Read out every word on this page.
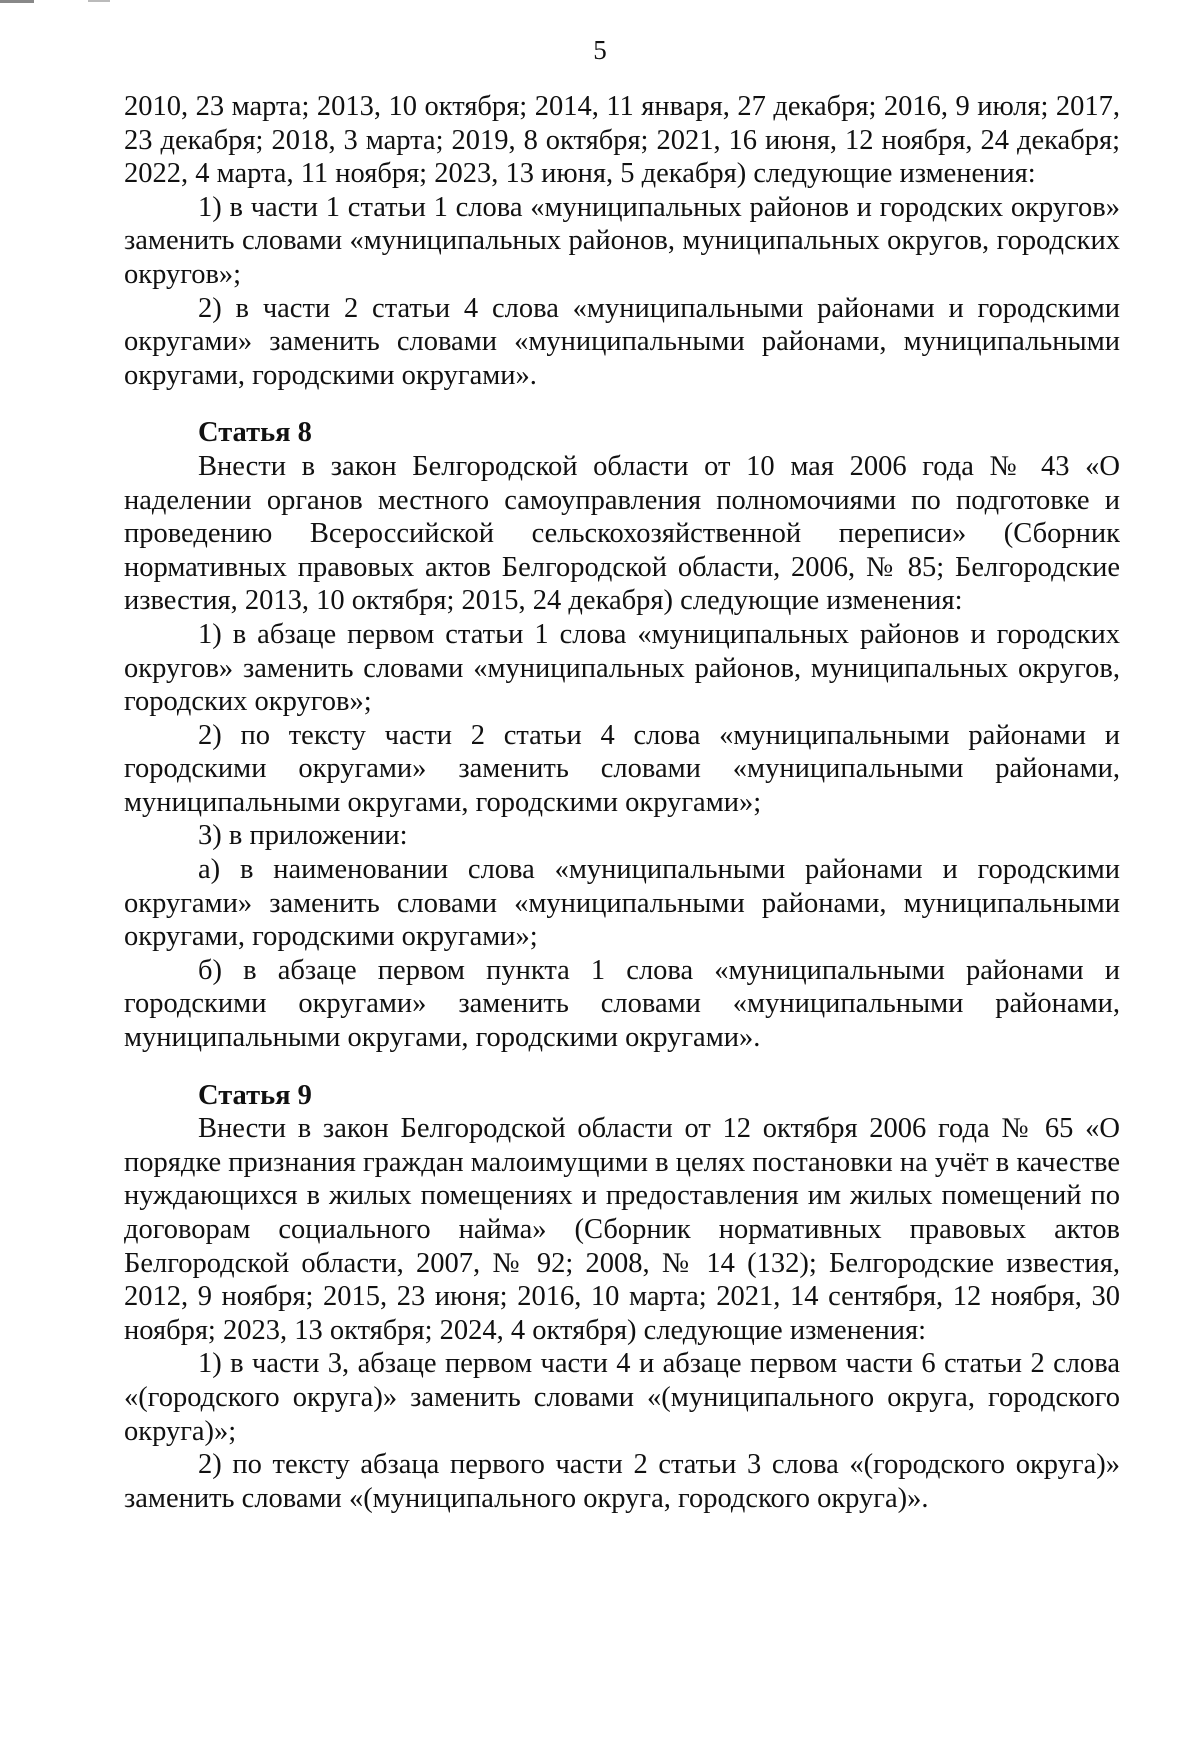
5

2010, 23 марта; 2013, 10 октября; 2014, 11 января, 27 декабря; 2016, 9 июля; 2017, 23 декабря; 2018, 3 марта; 2019, 8 октября; 2021, 16 июня, 12 ноября, 24 декабря; 2022, 4 марта, 11 ноября; 2023, 13 июня, 5 декабря) следующие изменения:

1) в части 1 статьи 1 слова «муниципальных районов и городских округов» заменить словами «муниципальных районов, муниципальных округов, городских округов»;

2) в части 2 статьи 4 слова «муниципальными районами и городскими округами» заменить словами «муниципальными районами, муниципальными округами, городскими округами».

Статья 8

Внести в закон Белгородской области от 10 мая 2006 года № 43 «О наделении органов местного самоуправления полномочиями по подготовке и проведению Всероссийской сельскохозяйственной переписи» (Сборник нормативных правовых актов Белгородской области, 2006, № 85; Белгородские известия, 2013, 10 октября; 2015, 24 декабря) следующие изменения:

1) в абзаце первом статьи 1 слова «муниципальных районов и городских округов» заменить словами «муниципальных районов, муниципальных округов, городских округов»;

2) по тексту части 2 статьи 4 слова «муниципальными районами и городскими округами» заменить словами «муниципальными районами, муниципальными округами, городскими округами»;

3) в приложении:

а) в наименовании слова «муниципальными районами и городскими округами» заменить словами «муниципальными районами, муниципальными округами, городскими округами»;

б) в абзаце первом пункта 1 слова «муниципальными районами и городскими округами» заменить словами «муниципальными районами, муниципальными округами, городскими округами».

Статья 9

Внести в закон Белгородской области от 12 октября 2006 года № 65 «О порядке признания граждан малоимущими в целях постановки на учёт в качестве нуждающихся в жилых помещениях и предоставления им жилых помещений по договорам социального найма» (Сборник нормативных правовых актов Белгородской области, 2007, № 92; 2008, № 14 (132); Белгородские известия, 2012, 9 ноября; 2015, 23 июня; 2016, 10 марта; 2021, 14 сентября, 12 ноября, 30 ноября; 2023, 13 октября; 2024, 4 октября) следующие изменения:

1) в части 3, абзаце первом части 4 и абзаце первом части 6 статьи 2 слова «(городского округа)» заменить словами «(муниципального округа, городского округа)»;

2) по тексту абзаца первого части 2 статьи 3 слова «(городского округа)» заменить словами «(муниципального округа, городского округа)».
